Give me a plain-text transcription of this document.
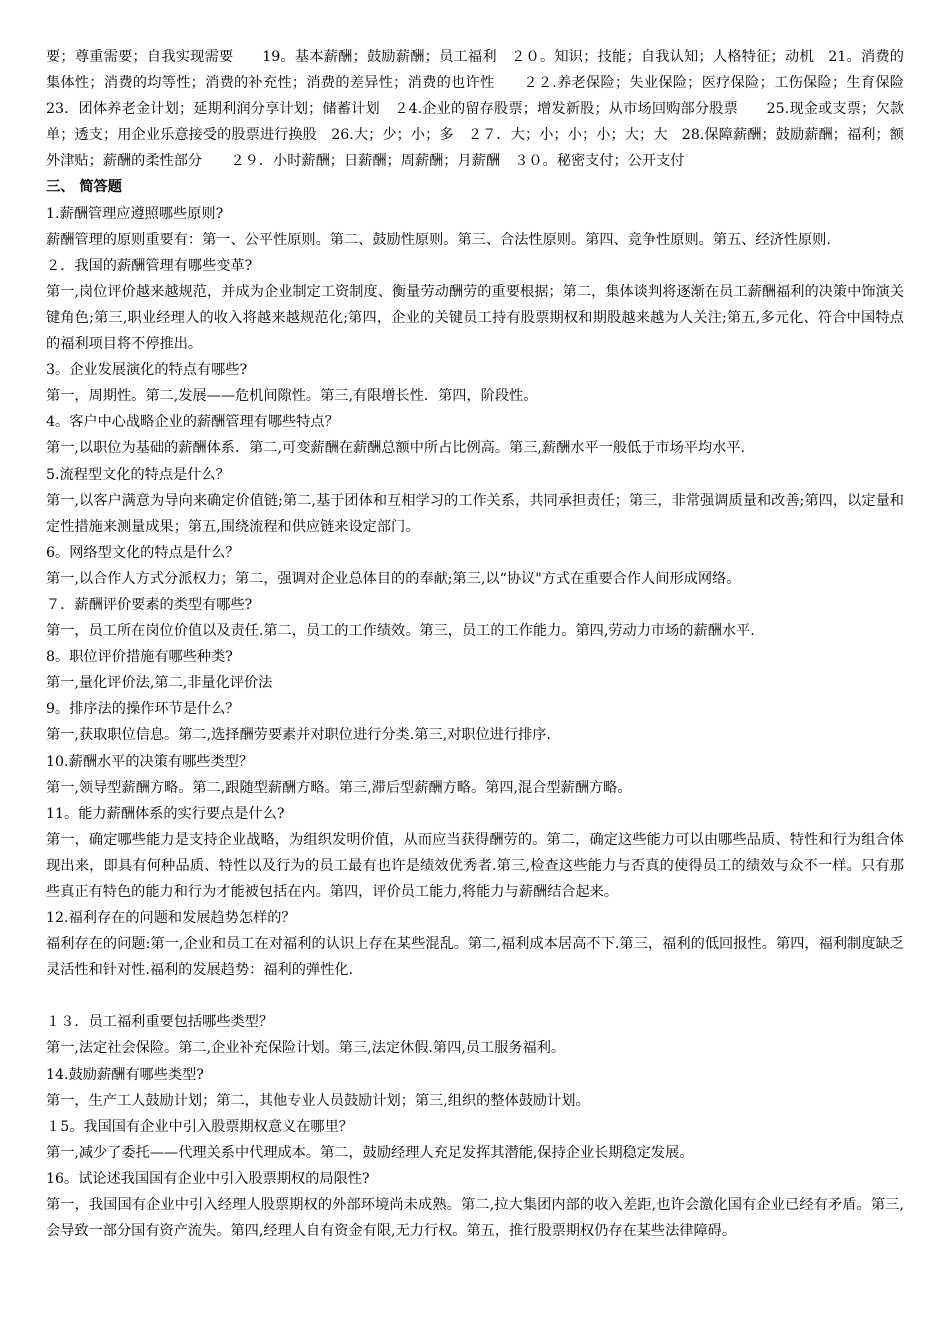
要；尊重需要；自我实现需要　　19。基本薪酬；鼓励薪酬；员工福利　２０。知识；技能；自我认知；人格特征；动机　21。消费的集体性；消费的均等性；消费的补充性；消费的差异性；消费的也许性　　２２.养老保险；失业保险；医疗保险；工伤保险；生育保险　　23．团体养老金计划；延期利润分享计划；储蓄计划　２4.企业的留存股票；增发新股；从市场回购部分股票　　25.现金或支票；欠款单；透支；用企业乐意接受的股票进行换股　26.大；少；小；多　２７．大；小；小；小；大；大　28.保障薪酬；鼓励薪酬；福利；额外津贴；薪酬的柔性部分　　２９．小时薪酬；日薪酬；周薪酬；月薪酬　３０。秘密支付；公开支付

三、 简答题

1.薪酬管理应遵照哪些原则?

薪酬管理的原则重要有：第一、公平性原则。第二、鼓励性原则。第三、合法性原则。第四、竞争性原则。第五、经济性原则.

２．我国的薪酬管理有哪些变革?

第一,岗位评价越来越规范，并成为企业制定工资制度、衡量劳动酬劳的重要根据；第二，集体谈判将逐渐在员工薪酬福利的决策中饰演关键角色;第三,职业经理人的收入将越来越规范化;第四，企业的关键员工持有股票期权和期股越来越为人关注;第五,多元化、符合中国特点的福利项目将不停推出。

3。企业发展演化的特点有哪些?

第一，周期性。第二,发展——危机间隙性。第三,有限增长性．第四，阶段性。

4。客户中心战略企业的薪酬管理有哪些特点？

第一,以职位为基础的薪酬体系．第二,可变薪酬在薪酬总额中所占比例高。第三,薪酬水平一般低于市场平均水平.

5.流程型文化的特点是什么？

第一,以客户满意为导向来确定价值链;第二,基于团体和互相学习的工作关系，共同承担责任；第三，非常强调质量和改善;第四，以定量和定性措施来测量成果；第五,围绕流程和供应链来设定部门。

6。网络型文化的特点是什么？

第一,以合作人方式分派权力；第二，强调对企业总体目的的奉献;第三,以“协议"方式在重要合作人间形成网络。

７．薪酬评价要素的类型有哪些?

第一，员工所在岗位价值以及责任.第二，员工的工作绩效。第三，员工的工作能力。第四,劳动力市场的薪酬水平.

8。职位评价措施有哪些种类?

第一,量化评价法,第二,非量化评价法

9。排序法的操作环节是什么？

第一,获取职位信息。第二,选择酬劳要素并对职位进行分类.第三,对职位进行排序.

10.薪酬水平的决策有哪些类型？

第一,领导型薪酬方略。第二,跟随型薪酬方略。第三,滞后型薪酬方略。第四,混合型薪酬方略。

11。能力薪酬体系的实行要点是什么?

第一，确定哪些能力是支持企业战略，为组织发明价值，从而应当获得酬劳的。第二，确定这些能力可以由哪些品质、特性和行为组合体现出来，即具有何种品质、特性以及行为的员工最有也许是绩效优秀者.第三,检查这些能力与否真的使得员工的绩效与众不一样。只有那些真正有特色的能力和行为才能被包括在内。第四，评价员工能力,将能力与薪酬结合起来。

12.福利存在的问题和发展趋势怎样的？

福利存在的问题:第一,企业和员工在对福利的认识上存在某些混乱。第二,福利成本居高不下.第三，福利的低回报性。第四，福利制度缺乏灵活性和针对性.福利的发展趋势：福利的弹性化.

１３．员工福利重要包括哪些类型？

第一,法定社会保险。第二,企业补充保险计划。第三,法定休假.第四,员工服务福利。

14.鼓励薪酬有哪些类型?

第一，生产工人鼓励计划；第二，其他专业人员鼓励计划；第三,组织的整体鼓励计划。

１5。我国国有企业中引入股票期权意义在哪里？

第一,减少了委托——代理关系中代理成本。第二，鼓励经理人充足发挥其潜能,保持企业长期稳定发展。

16。试论述我国国有企业中引入股票期权的局限性?

第一，我国国有企业中引入经理人股票期权的外部环境尚未成熟。第二,拉大集团内部的收入差距,也许会激化国有企业已经有矛盾。第三,会导致一部分国有资产流失。第四,经理人自有资金有限,无力行权。第五，推行股票期权仍存在某些法律障碍。
